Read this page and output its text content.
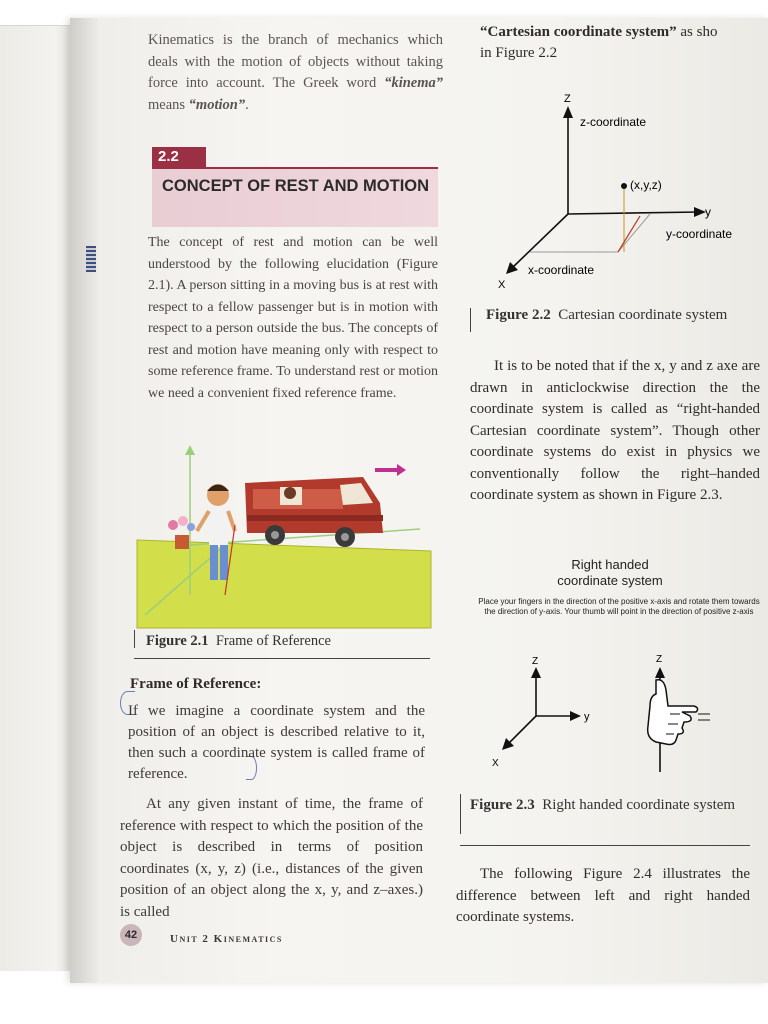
Kinematics is the branch of mechanics which deals with the motion of objects without taking force into account. The Greek word “kinema” means “motion”.
2.2
CONCEPT OF REST AND MOTION
The concept of rest and motion can be well understood by the following elucidation (Figure 2.1). A person sitting in a moving bus is at rest with respect to a fellow passenger but is in motion with respect to a person outside the bus. The concepts of rest and motion have meaning only with respect to some reference frame. To understand rest or motion we need a convenient fixed reference frame.
Figure 2.1 Frame of Reference
Frame of Reference:
If we imagine a coordinate system and the position of an object is described relative to it, then such a coordinate system is called frame of reference.
At any given instant of time, the frame of reference with respect to which the position of the object is described in terms of position coordinates (x, y, z) (i.e., distances of the given position of an object along the x, y, and z–axes.) is called
42	Unit 2 Kinematics
“Cartesian coordinate system” as sho
in Figure 2.2
Z
z-coordinate
(x,y,z)
y
y-coordinate
x-coordinate
X
Figure 2.2 Cartesian coordinate system
It is to be noted that if the x, y and z axe are drawn in anticlockwise direction the the coordinate system is called as “right-handed Cartesian coordinate system”. Though other coordinate systems do exist in physics we conventionally follow the right–handed coordinate system as shown in Figure 2.3.
Right handed
coordinate system
Place your fingers in the direction of the positive x-axis and rotate them towards the direction of y-axis. Your thumb will point in the direction of positive z-axis
Z
y
X
Z
Figure 2.3 Right handed coordinate system
The following Figure 2.4 illustrates the difference between left and right handed coordinate systems.
